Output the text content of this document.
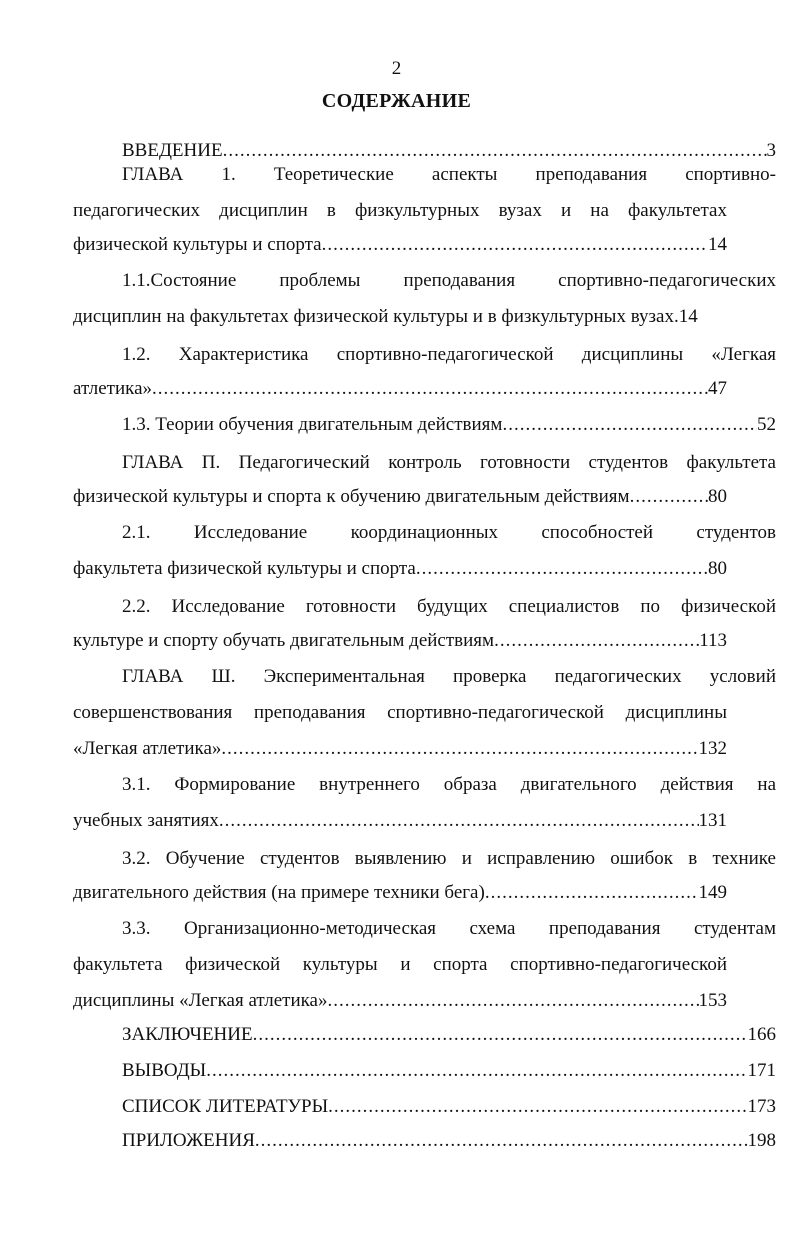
2
СОДЕРЖАНИЕ
ВВЕДЕНИЕ .....	3
ГЛАВА 1. Теоретические аспекты преподавания спортивно-
педагогических дисциплин в физкультурных вузах и на факультетах
физической культуры и спорта .....	14
1.1.Состояние проблемы преподавания спортивно-педагогических
дисциплин на факультетах физической культуры и в физкультурных вузах.14
1.2. Характеристика спортивно-педагогической дисциплины «Легкая
атлетика» .....	47
1.3. Теории обучения двигательным действиям .....	52
ГЛАВА П. Педагогический контроль готовности студентов факультета
физической культуры и спорта к обучению двигательным действиям .....	80
2.1. Исследование координационных способностей студентов
факультета физической культуры и спорта .....	80
2.2. Исследование готовности будущих специалистов по физической
культуре и спорту обучать двигательным действиям .....	113
ГЛАВА Ш. Экспериментальная проверка педагогических условий
совершенствования преподавания спортивно-педагогической дисциплины
«Легкая атлетика» .....	132
3.1. Формирование внутреннего образа двигательного действия на
учебных занятиях .....	131
3.2. Обучение студентов выявлению и исправлению ошибок в технике
двигательного действия (на примере техники бега) .....	149
3.3. Организационно-методическая схема преподавания студентам
факультета физической культуры и спорта спортивно-педагогической
дисциплины «Легкая атлетика» .....	153
ЗАКЛЮЧЕНИЕ .....	166
ВЫВОДЫ .....	171
СПИСОК ЛИТЕРАТУРЫ .....	173
ПРИЛОЖЕНИЯ .....	198
